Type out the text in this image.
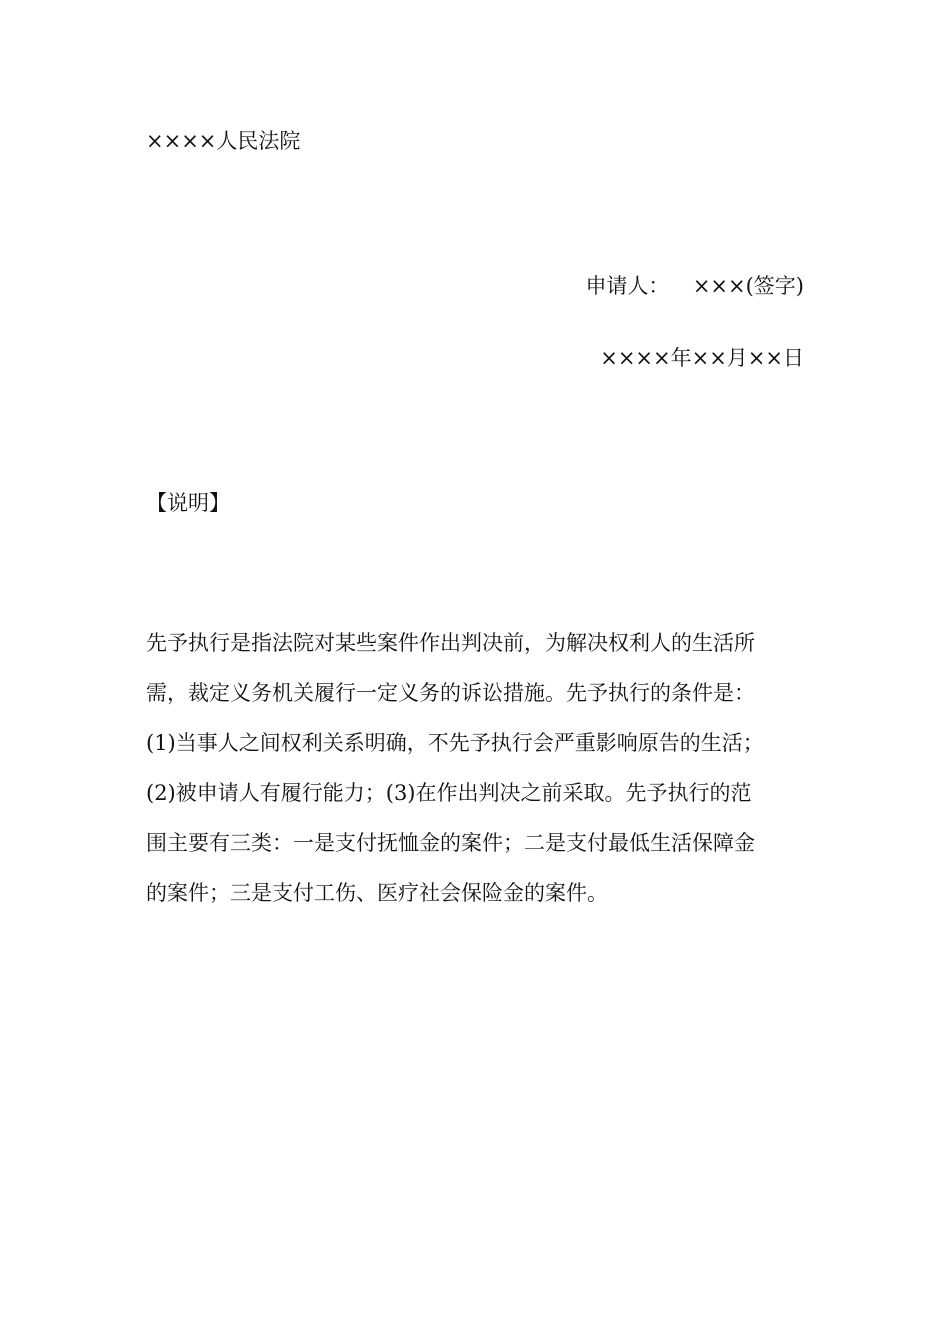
××××人民法院
申请人： ×××(签字)
××××年××月××日
【说明】
先予执行是指法院对某些案件作出判决前，为解决权利人的生活所
需，裁定义务机关履行一定义务的诉讼措施。先予执行的条件是：
(1)当事人之间权利关系明确，不先予执行会严重影响原告的生活；
(2)被申请人有履行能力；(3)在作出判决之前采取。先予执行的范
围主要有三类：一是支付抚恤金的案件；二是支付最低生活保障金
的案件；三是支付工伤、医疗社会保险金的案件。
